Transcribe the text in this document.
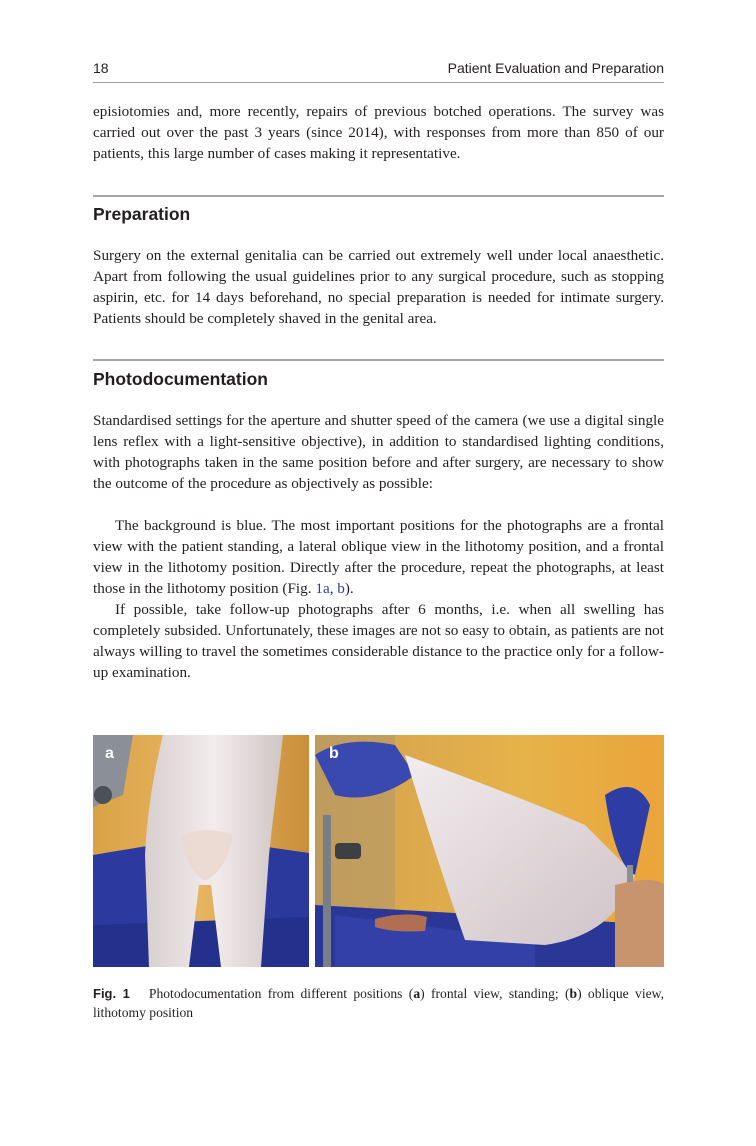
18	Patient Evaluation and Preparation

episiotomies and, more recently, repairs of previous botched operations. The survey was carried out over the past 3 years (since 2014), with responses from more than 850 of our patients, this large number of cases making it representative.

Preparation

Surgery on the external genitalia can be carried out extremely well under local anaesthetic. Apart from following the usual guidelines prior to any surgical procedure, such as stopping aspirin, etc. for 14 days beforehand, no special preparation is needed for intimate surgery. Patients should be completely shaved in the genital area.

Photodocumentation

Standardised settings for the aperture and shutter speed of the camera (we use a digital single lens reflex with a light-sensitive objective), in addition to standardised lighting conditions, with photographs taken in the same position before and after surgery, are necessary to show the outcome of the procedure as objectively as possible:

The background is blue. The most important positions for the photographs are a frontal view with the patient standing, a lateral oblique view in the lithotomy position, and a frontal view in the lithotomy position. Directly after the procedure, repeat the photographs, at least those in the lithotomy position (Fig. 1a, b).

If possible, take follow-up photographs after 6 months, i.e. when all swelling has completely subsided. Unfortunately, these images are not so easy to obtain, as patients are not always willing to travel the sometimes considerable distance to the practice only for a follow-up examination.

a	b

Fig. 1 Photodocumentation from different positions (a) frontal view, standing; (b) oblique view, lithotomy position
